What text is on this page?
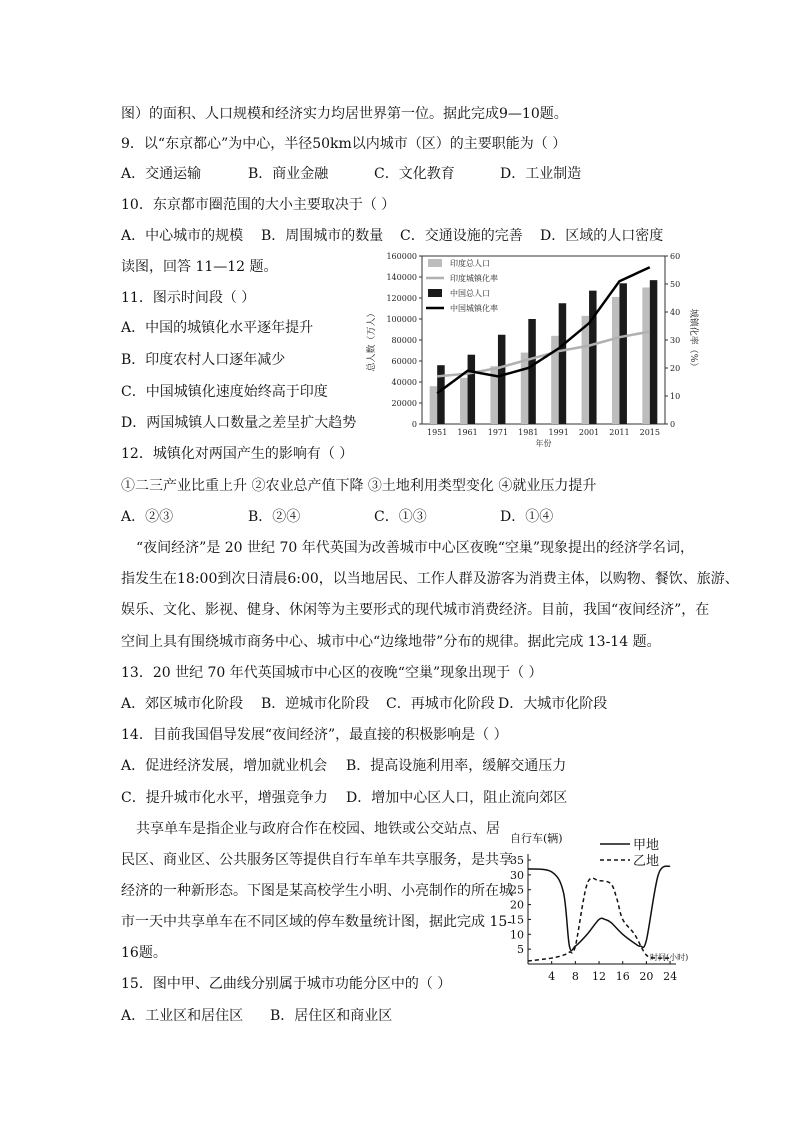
图）的面积、人口规模和经济实力均居世界第一位。据此完成9—10题。
9．以“东京都心”为中心，半径50km以内城市（区）的主要职能为（ ）
A．交通运输	B．商业金融	C．文化教育	D．工业制造
10．东京都市圈范围的大小主要取决于（ ）
A．中心城市的规模 B．周围城市的数量 C．交通设施的完善 D．区域的人口密度
读图，回答 11—12 题。
11．图示时间段（ ）
A．中国的城镇化水平逐年提升
B．印度农村人口逐年减少
C．中国城镇化速度始终高于印度
D．两国城镇人口数量之差呈扩大趋势
12．城镇化对两国产生的影响有（ ）
①二三产业比重上升 ②农业总产值下降 ③土地利用类型变化 ④就业压力提升
A．②③	B．②④	C．①③	D．①④
“夜间经济”是 20 世纪 70 年代英国为改善城市中心区夜晚“空巢”现象提出的经济学名词，
指发生在18:00到次日清晨6:00，以当地居民、工作人群及游客为消费主体，以购物、餐饮、旅游、
娱乐、文化、影视、健身、休闲等为主要形式的现代城市消费经济。目前，我国“夜间经济”，在
空间上具有围绕城市商务中心、城市中心“边缘地带”分布的规律。据此完成 13-14 题。
13．20 世纪 70 年代英国城市中心区的夜晚“空巢”现象出现于（ ）
A．郊区城市化阶段 B．逆城市化阶段 C．再城市化阶段 D．大城市化阶段
14．目前我国倡导发展“夜间经济”，最直接的积极影响是（ ）
A．促进经济发展，增加就业机会 B．提高设施利用率，缓解交通压力
C．提升城市化水平，增强竞争力 D．增加中心区人口，阻止流向郊区
共享单车是指企业与政府合作在校园、地铁或公交站点、居
民区、商业区、公共服务区等提供自行车单车共享服务，是共享
经济的一种新形态。下图是某高校学生小明、小亮制作的所在城
市一天中共享单车在不同区域的停车数量统计图，据此完成 15-
16题。
15．图中甲、乙曲线分别属于城市功能分区中的（ ）
A．工业区和居住区 B．居住区和商业区
0
20000
40000
60000
80000
100000
120000
140000
160000
0
10
20
30
40
50
60
1951 1961 1971 1981 1991 2001 2011 2015
年份
总人数（万人）	城镇化率（%）
印度总人口
印度城镇化率
中国总人口
中国城镇化率
自行车(辆)
5
10
15
20
25
30
35
4 8 12 16 20 24
时间(小时)
甲地
乙地
